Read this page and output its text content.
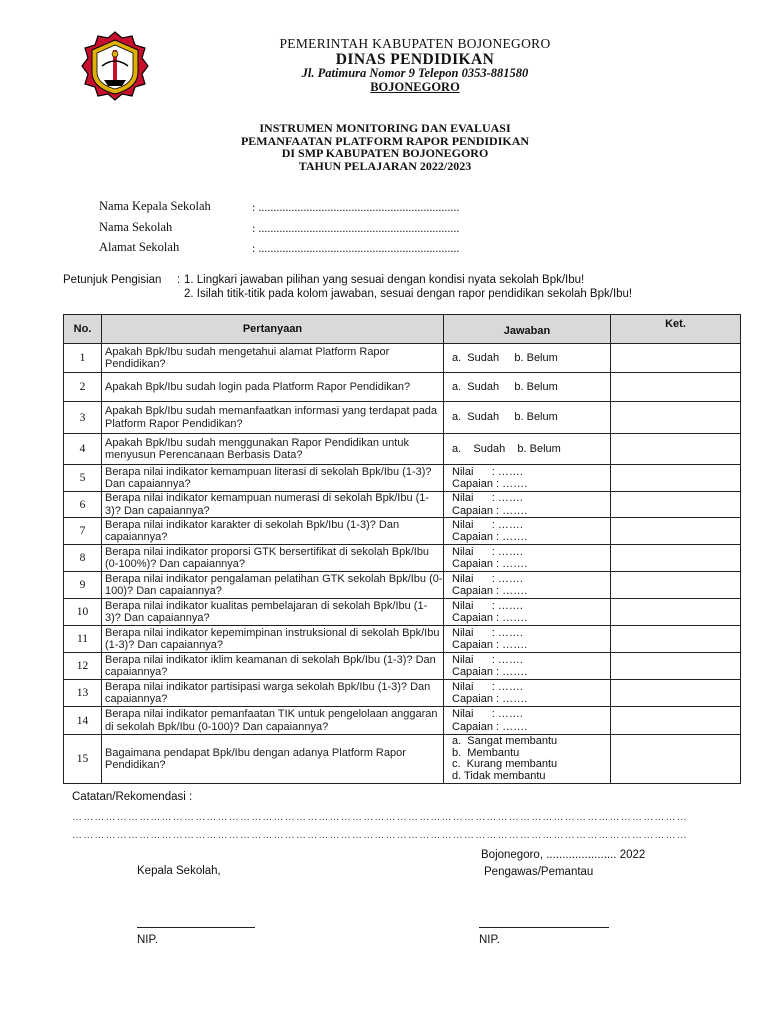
PEMERINTAH KABUPATEN BOJONEGORO
DINAS PENDIDIKAN
Jl. Patimura Nomor 9 Telepon 0353-881580
BOJONEGORO
INSTRUMEN MONITORING DAN EVALUASI
PEMANFAATAN PLATFORM RAPOR PENDIDIKAN
DI SMP KABUPATEN BOJONEGORO
TAHUN PELAJARAN 2022/2023
Nama Kepala Sekolah	: ...................................................................
Nama Sekolah	: ...................................................................
Alamat Sekolah	: ...................................................................
Petunjuk Pengisian : 1. Lingkari jawaban pilihan yang sesuai dengan kondisi nyata sekolah Bpk/Ibu!
2. Isilah titik-titik pada kolom jawaban, sesuai dengan rapor pendidikan sekolah Bpk/Ibu!
No.	Pertanyaan	Jawaban	Ket.
1	Apakah Bpk/Ibu sudah mengetahui alamat Platform Rapor Pendidikan?	a.  Sudah     b. Belum	

2	Apakah Bpk/Ibu sudah login pada Platform Rapor Pendidikan?	a.  Sudah     b. Belum	

3	Apakah Bpk/Ibu sudah memanfaatkan informasi yang terdapat pada Platform Rapor Pendidikan?	a.  Sudah     b. Belum	

4	Apakah Bpk/Ibu sudah menggunakan Rapor Pendidikan untuk menyusun Perencanaan Berbasis Data?	a.    Sudah    b. Belum	

5	Berapa nilai indikator kemampuan literasi di sekolah Bpk/Ibu (1-3)? Dan capaiannya?	Nilai      : …….
Capaian : …….	

6	Berapa nilai indikator kemampuan numerasi di sekolah Bpk/Ibu (1-3)? Dan capaiannya?	Nilai      : …….
Capaian : …….	

7	Berapa nilai indikator karakter di sekolah Bpk/Ibu (1-3)? Dan capaiannya?	Nilai      : …….
Capaian : …….	

8	Berapa nilai indikator proporsi GTK bersertifikat di sekolah Bpk/Ibu (0-100%)? Dan capaiannya?	Nilai      : …….
Capaian : …….	

9	Berapa nilai indikator pengalaman pelatihan GTK sekolah Bpk/Ibu (0-100)? Dan capaiannya?	Nilai      : …….
Capaian : …….	

10	Berapa nilai indikator kualitas pembelajaran di sekolah Bpk/Ibu (1-3)? Dan capaiannya?	Nilai      : …….
Capaian : …….	

11	Berapa nilai indikator kepemimpinan instruksional di sekolah Bpk/Ibu (1-3)? Dan capaiannya?	Nilai      : …….
Capaian : …….	

12	Berapa nilai indikator iklim keamanan di sekolah Bpk/Ibu (1-3)? Dan capaiannya?	Nilai      : …….
Capaian : …….	

13	Berapa nilai indikator partisipasi warga sekolah Bpk/Ibu (1-3)? Dan capaiannya?	Nilai      : …….
Capaian : …….	

14	Berapa nilai indikator pemanfaatan TIK untuk pengelolaan anggaran di sekolah Bpk/Ibu (0-100)? Dan capaiannya?	Nilai      : …….
Capaian : …….	

15	Bagaimana pendapat Bpk/Ibu dengan adanya Platform Rapor Pendidikan?	a.  Sangat membantu
b.  Membantu
c.  Kurang membantu
d. Tidak membantu	

Catatan/Rekomendasi :
…………………………………………………………………………………………………………………………………………………
…………………………………………………………………………………………………………………………………………………
Bojonegoro, ...................... 2022
Kepala Sekolah,	Pengawas/Pemantau
NIP.	NIP.
